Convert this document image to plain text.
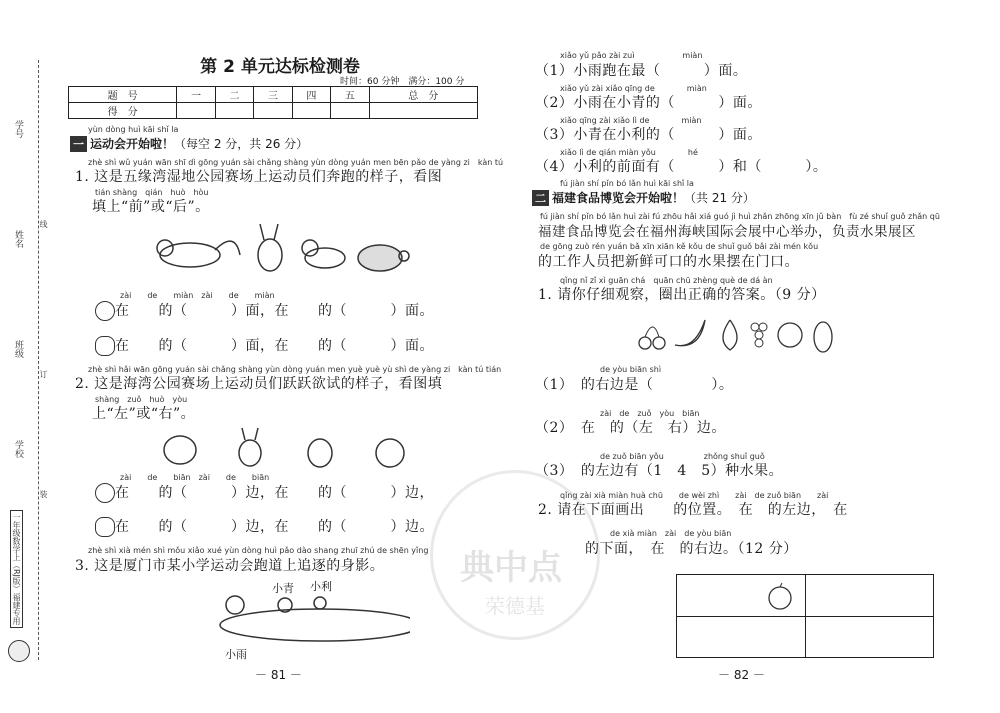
学号
姓名
班级
学校
线
订
装
一年级数学上（RJ版）福建专用
第 2 单元达标检测卷
时间：60 分钟　满分：100 分
题　号	一	二	三	四	五	总　分
得　分						
yùn dòng huì kāi shǐ la
一 运动会开始啦！（每空 2 分，共 26 分）
zhè shì wǔ yuán wān shī dì gōng yuán sài chǎng shàng yùn dòng yuán men bēn pǎo de yàng zi　kàn tú
1. 这是五缘湾湿地公园赛场上运动员们奔跑的样子，看图
tián shàng　qián　huò　hòu
填上“前”或“后”。
zài　　de　　miàn　zài　　de　　miàn
在　　的（　　　）面，在　　的（　　　）面。
在　　的（　　　）面，在　　的（　　　）面。
zhè shì hǎi wān gōng yuán sài chǎng shàng yùn dòng yuán men yuè yuè yù shì de yàng zi　kàn tú tián
2. 这是海湾公园赛场上运动员们跃跃欲试的样子，看图填
shàng　zuǒ　huò　yòu
上“左”或“右”。
zài　　de　　biān　zài　　de　　biān
在　　的（　　　）边，在　　的（　　　）边，
在　　的（　　　）边，在　　的（　　　）边。
zhè shì xià mén shì mǒu xiǎo xué yùn dòng huì pǎo dào shang zhuī zhú de shēn yǐng
3. 这是厦门市某小学运动会跑道上追逐的身影。
小青 小利
小雨
－ 81 －
xiǎo yǔ pǎo zài zuì　　　　　　miàn
（1）小雨跑在最（　　　）面。
xiǎo yǔ zài xiǎo qīng de　　　　miàn
（2）小雨在小青的（　　　）面。
xiǎo qīng zài xiǎo lì de　　　　miàn
（3）小青在小利的（　　　）面。
xiǎo lì de qián miàn yǒu　　　　hé
（4）小利的前面有（　　　）和（　　　）。
fú jiàn shí pǐn bó lǎn huì kāi shǐ la
二 福建食品博览会开始啦！（共 21 分）
fú jiàn shí pǐn bó lǎn huì zài fú zhōu hǎi xiá guó jì huì zhǎn zhōng xīn jǔ bàn　fù zé shuǐ guǒ zhǎn qū
福建食品博览会在福州海峡国际会展中心举办，负责水果展区
de gōng zuò rén yuán bǎ xīn xiān kě kǒu de shuǐ guǒ bǎi zài mén kǒu
的工作人员把新鲜可口的水果摆在门口。
qǐng nǐ zǐ xì guān chá　quān chū zhèng què de dá àn
1. 请你仔细观察，圈出正确的答案。（9 分）
de yòu biān shì
（1）　的右边是（　　　　）。
zài　de　zuǒ　yòu　biān
（2）　在　的（左　右）边。
de zuǒ biān yǒu　　　　　zhǒng shuǐ guǒ
（3）　的左边有（1　4　5）种水果。
qǐng zài xià miàn huà chū　　de wèi zhì　　zài　de zuǒ biān　　zài
2. 请在下面画出　　的位置。　在　的左边，　在
de xià miàn　zài　de yòu biān
的下面，　在　的右边。（12 分）
－ 82 －
典中点
荣德基
